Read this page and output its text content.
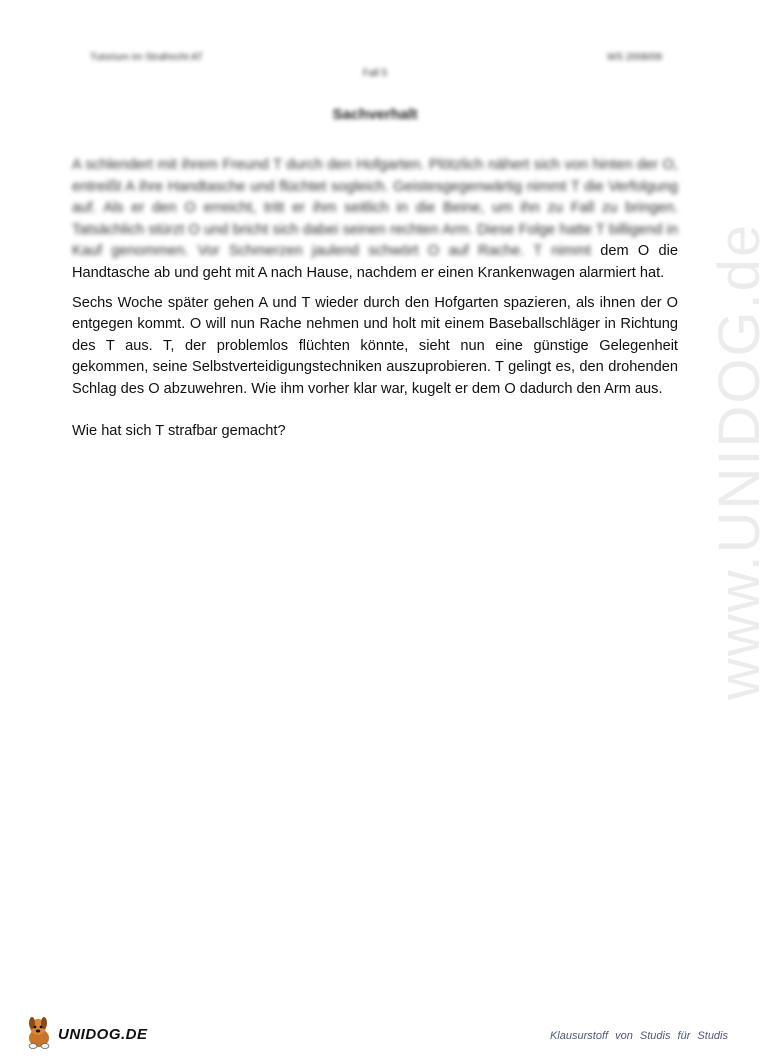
Tutorium im Strafrecht AT	WS 2008/09
Fall 5
Sachverhalt

A schlendert mit ihrem Freund T durch den Hofgarten. Plötzlich nähert sich von hinten der O, entreißt A ihre Handtasche und flüchtet sogleich. Geistesgegenwärtig nimmt T die Verfolgung auf. Als er den O erreicht, tritt er ihm seitlich in die Beine, um ihn zu Fall zu bringen. Tatsächlich stürzt O und bricht sich dabei seinen rechten Arm. Diese Folge hatte T billigend in Kauf genommen. Vor Schmerzen jaulend schwört O auf Rache. T nimmt dem O die Handtasche ab und geht mit A nach Hause, nachdem er einen Krankenwagen alarmiert hat.

Sechs Woche später gehen A und T wieder durch den Hofgarten spazieren, als ihnen der O entgegen kommt. O will nun Rache nehmen und holt mit einem Baseballschläger in Richtung des T aus. T, der problemlos flüchten könnte, sieht nun eine günstige Gelegenheit gekommen, seine Selbstverteidigungstechniken auszuprobieren. T gelingt es, den drohenden Schlag des O abzuwehren. Wie ihm vorher klar war, kugelt er dem O dadurch den Arm aus.

Wie hat sich T strafbar gemacht?	www.UNIDOG.de
UNIDOG.DE	Klausurstoff von Studis für Studis
